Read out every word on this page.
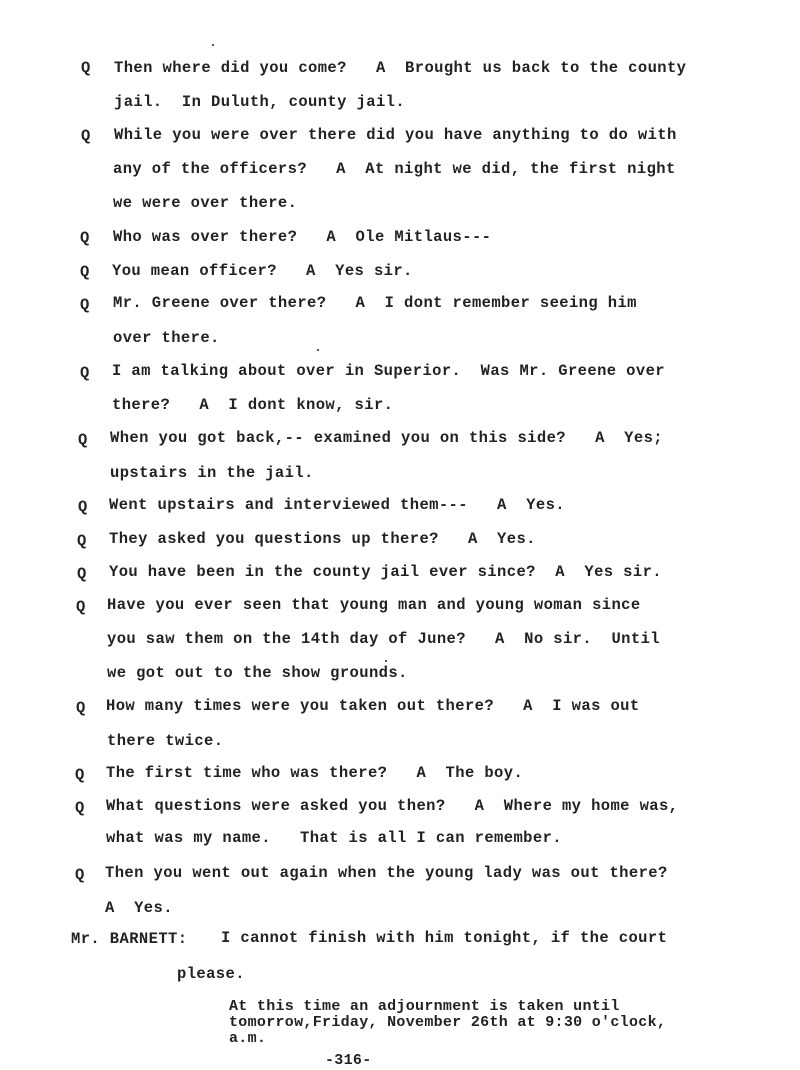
Q Then where did you come?   A  Brought us back to the county
jail.  In Duluth, county jail.
Q While you were over there did you have anything to do with
any of the officers?   A  At night we did, the first night
we were over there.
Q Who was over there?   A  Ole Mitlaus---
Q You mean officer?   A  Yes sir.
Q Mr. Greene over there?   A  I dont remember seeing him
over there.
Q I am talking about over in Superior.  Was Mr. Greene over
there?   A  I dont know, sir.
Q When you got back,-- examined you on this side?   A  Yes;
upstairs in the jail.
Q Went upstairs and interviewed them---   A  Yes.
Q They asked you questions up there?   A  Yes.
Q You have been in the county jail ever since?  A  Yes sir.
Q Have you ever seen that young man and young woman since
you saw them on the 14th day of June?   A  No sir.  Until
we got out to the show grounds.
Q How many times were you taken out there?   A  I was out
there twice.
Q The first time who was there?   A  The boy.
Q What questions were asked you then?   A  Where my home was,
what was my name.   That is all I can remember.
Q Then you went out again when the young lady was out there?
A  Yes.
Mr. BARNETT: I cannot finish with him tonight, if the court
please.
At this time an adjournment is taken until
tomorrow,Friday, November 26th at 9:30 o'clock,
a.m.
-316-
